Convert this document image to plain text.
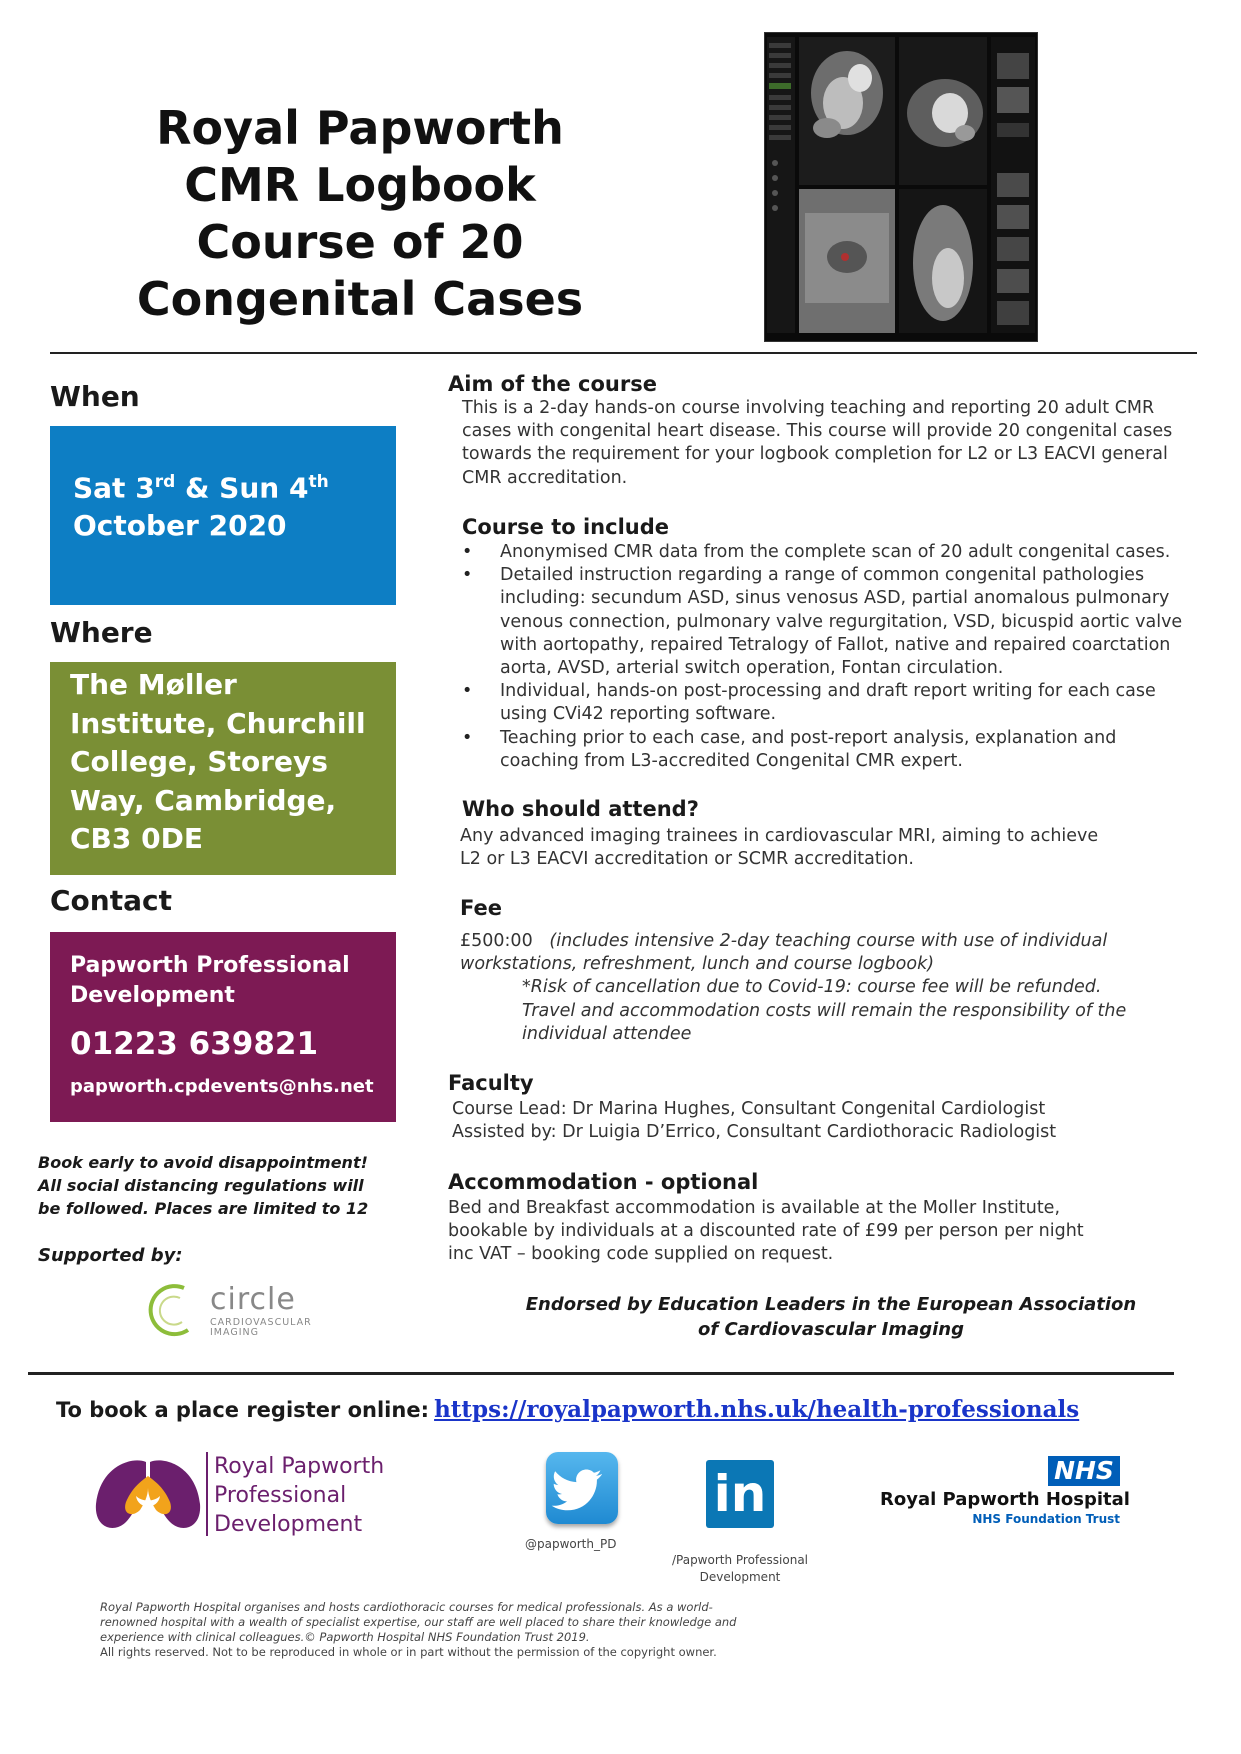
Royal Papworth
CMR Logbook
Course of 20
Congenital Cases
When
Sat 3rd & Sun 4th
October 2020
Where
The Møller
Institute, Churchill
College, Storeys
Way, Cambridge,
CB3 0DE
Contact
Papworth Professional
Development
01223 639821
papworth.cpdevents@nhs.net
Book early to avoid disappointment!
All social distancing regulations will
be followed. Places are limited to 12
Supported by:
circle
CARDIOVASCULAR
IMAGING
Aim of the course
This is a 2-day hands-on course involving teaching and reporting 20 adult CMR
cases with congenital heart disease. This course will provide 20 congenital cases
towards the requirement for your logbook completion for L2 or L3 EACVI general
CMR accreditation.
Course to include
• Anonymised CMR data from the complete scan of 20 adult congenital cases.
• Detailed instruction regarding a range of common congenital pathologies
including: secundum ASD, sinus venosus ASD, partial anomalous pulmonary
venous connection, pulmonary valve regurgitation, VSD, bicuspid aortic valve
with aortopathy, repaired Tetralogy of Fallot, native and repaired coarctation
aorta, AVSD, arterial switch operation, Fontan circulation.
• Individual, hands-on post-processing and draft report writing for each case
using CVi42 reporting software.
• Teaching prior to each case, and post-report analysis, explanation and
coaching from L3-accredited Congenital CMR expert.
Who should attend?
Any advanced imaging trainees in cardiovascular MRI, aiming to achieve
L2 or L3 EACVI accreditation or SCMR accreditation.
Fee
£500:00 (includes intensive 2-day teaching course with use of individual
workstations, refreshment, lunch and course logbook)
*Risk of cancellation due to Covid-19: course fee will be refunded.
Travel and accommodation costs will remain the responsibility of the
individual attendee
Faculty
Course Lead: Dr Marina Hughes, Consultant Congenital Cardiologist
Assisted by: Dr Luigia D’Errico, Consultant Cardiothoracic Radiologist
Accommodation - optional
Bed and Breakfast accommodation is available at the Moller Institute,
bookable by individuals at a discounted rate of £99 per person per night
inc VAT – booking code supplied on request.
Endorsed by Education Leaders in the European Association
of Cardiovascular Imaging
To book a place register online: https://royalpapworth.nhs.uk/health-professionals
Royal Papworth
Professional
Development
@papworth_PD
in
/Papworth Professional
Development
NHS
Royal Papworth Hospital
NHS Foundation Trust
Royal Papworth Hospital organises and hosts cardiothoracic courses for medical professionals. As a world-
renowned hospital with a wealth of specialist expertise, our staff are well placed to share their knowledge and
experience with clinical colleagues.© Papworth Hospital NHS Foundation Trust 2019.
All rights reserved. Not to be reproduced in whole or in part without the permission of the copyright owner.
